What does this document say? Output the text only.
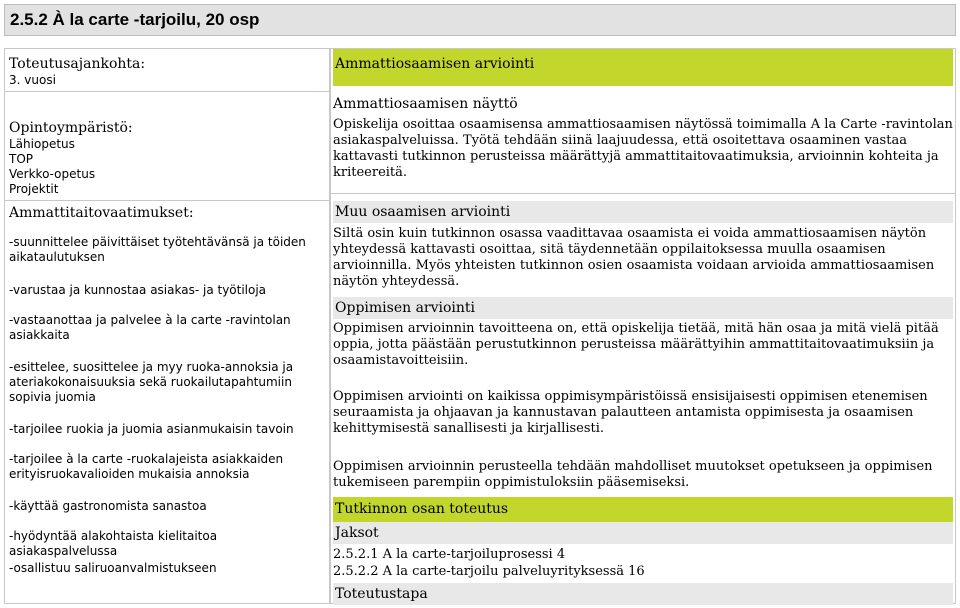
2.5.2 À la carte -tarjoilu, 20 osp
Toteutusajankohta:
3. vuosi
Opintoympäristö:
Lähiopetus
TOP
Verkko-opetus
Projektit
Ammattitaitovaatimukset:
-suunnittelee päivittäiset työtehtävänsä ja töiden aikataulutuksen
-varustaa ja kunnostaa asiakas- ja työtiloja
-vastaanottaa ja palvelee à la carte -ravintolan asiakkaita
-esittelee, suosittelee ja myy ruoka-annoksia ja ateriakokonaisuuksia sekä ruokailutapahtumiin sopivia juomia
-tarjoilee ruokia ja juomia asianmukaisin tavoin
-tarjoilee à la carte -ruokalajeista asiakkaiden erityisruokavalioiden mukaisia annoksia
-käyttää gastronomista sanastoa
-hyödyntää alakohtaista kielitaitoa asiakaspalvelussa
-osallistuu saliruoanvalmistukseen
Ammattiosaamisen arviointi
Ammattiosaamisen näyttö
Opiskelija osoittaa osaamisensa ammattiosaamisen näytössä toimimalla A la Carte -ravintolan asiakaspalveluissa. Työtä tehdään siinä laajuudessa, että osoitettava osaaminen vastaa kattavasti tutkinnon perusteissa määrättyjä ammattitaitovaatimuksia, arvioinnin kohteita ja kriteereitä.
Muu osaamisen arviointi
Siltä osin kuin tutkinnon osassa vaadittavaa osaamista ei voida ammattiosaamisen näytön yhteydessä kattavasti osoittaa, sitä täydennetään oppilaitoksessa muulla osaamisen arvioinnilla. Myös yhteisten tutkinnon osien osaamista voidaan arvioida ammattiosaamisen näytön yhteydessä.
Oppimisen arviointi
Oppimisen arvioinnin tavoitteena on, että opiskelija tietää, mitä hän osaa ja mitä vielä pitää oppia, jotta päästään perustutkinnon perusteissa määrättyihin ammattitaitovaatimuksiin ja osaamistavoitteisiin.
Oppimisen arviointi on kaikissa oppimisympäristöissä ensisijaisesti oppimisen etenemisen seuraamista ja ohjaavan ja kannustavan palautteen antamista oppimisesta ja osaamisen kehittymisestä sanallisesti ja kirjallisesti.
Oppimisen arvioinnin perusteella tehdään mahdolliset muutokset opetukseen ja oppimisen tukemiseen parempiin oppimistuloksiin pääsemiseksi.
Tutkinnon osan toteutus
Jaksot
2.5.2.1 A la carte-tarjoiluprosessi 4
2.5.2.2 A la carte-tarjoilu palveluyrityksessä 16
Toteutustapa
